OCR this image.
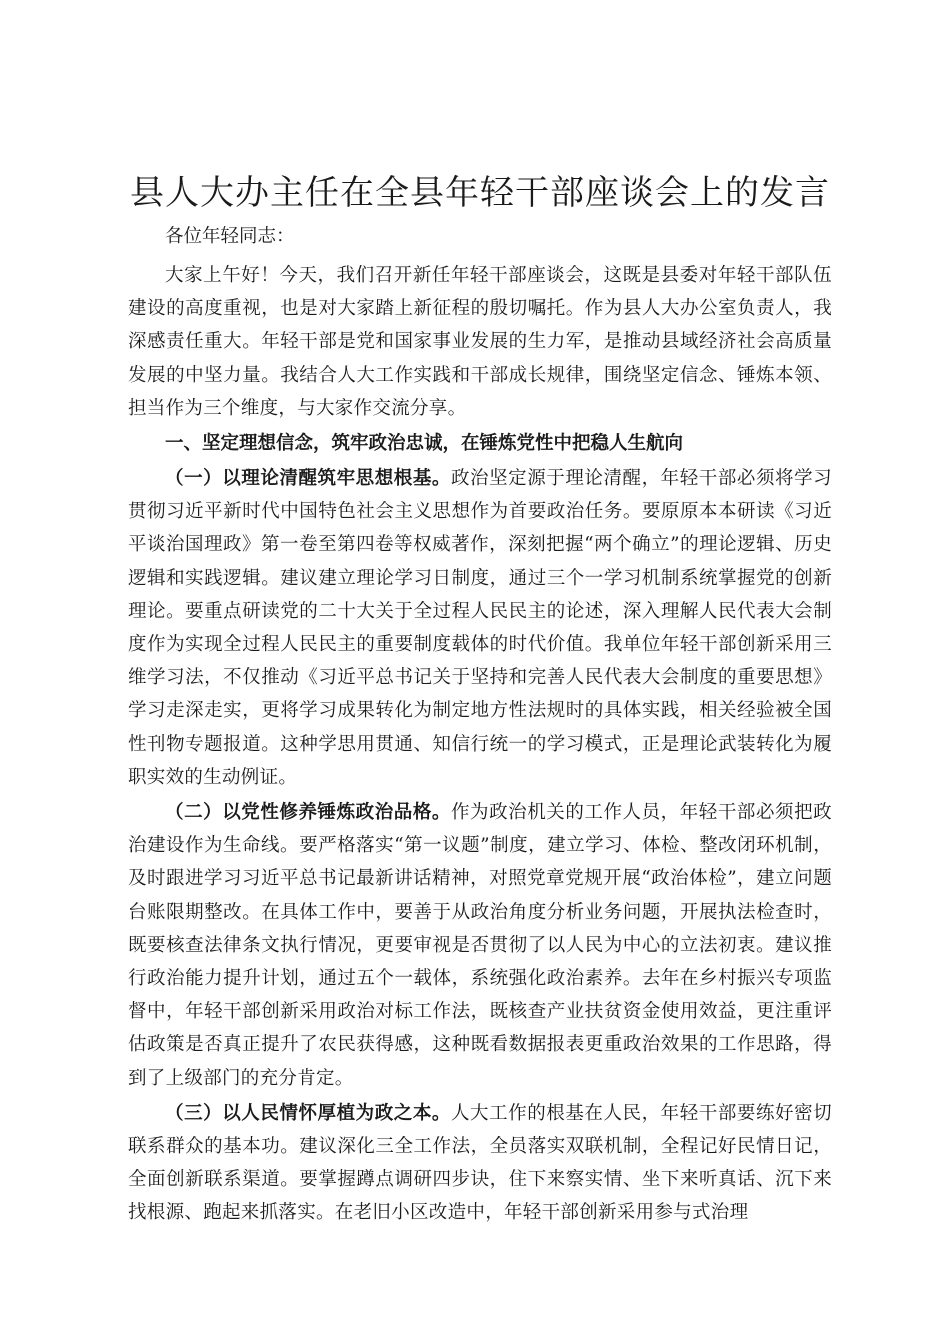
县人大办主任在全县年轻干部座谈会上的发言

各位年轻同志：

大家上午好！今天，我们召开新任年轻干部座谈会，这既是县委对年轻干部队伍建设的高度重视，也是对大家踏上新征程的殷切嘱托。作为县人大办公室负责人，我深感责任重大。年轻干部是党和国家事业发展的生力军，是推动县域经济社会高质量发展的中坚力量。我结合人大工作实践和干部成长规律，围绕坚定信念、锤炼本领、担当作为三个维度，与大家作交流分享。

一、坚定理想信念，筑牢政治忠诚，在锤炼党性中把稳人生航向

（一）以理论清醒筑牢思想根基。政治坚定源于理论清醒，年轻干部必须将学习贯彻习近平新时代中国特色社会主义思想作为首要政治任务。要原原本本研读《习近平谈治国理政》第一卷至第四卷等权威著作，深刻把握“两个确立”的理论逻辑、历史逻辑和实践逻辑。建议建立理论学习日制度，通过三个一学习机制系统掌握党的创新理论。要重点研读党的二十大关于全过程人民民主的论述，深入理解人民代表大会制度作为实现全过程人民民主的重要制度载体的时代价值。我单位年轻干部创新采用三维学习法，不仅推动《习近平总书记关于坚持和完善人民代表大会制度的重要思想》学习走深走实，更将学习成果转化为制定地方性法规时的具体实践，相关经验被全国性刊物专题报道。这种学思用贯通、知信行统一的学习模式，正是理论武装转化为履职实效的生动例证。

（二）以党性修养锤炼政治品格。作为政治机关的工作人员，年轻干部必须把政治建设作为生命线。要严格落实“第一议题”制度，建立学习、体检、整改闭环机制，及时跟进学习习近平总书记最新讲话精神，对照党章党规开展“政治体检”，建立问题台账限期整改。在具体工作中，要善于从政治角度分析业务问题，开展执法检查时，既要核查法律条文执行情况，更要审视是否贯彻了以人民为中心的立法初衷。建议推行政治能力提升计划，通过五个一载体，系统强化政治素养。去年在乡村振兴专项监督中，年轻干部创新采用政治对标工作法，既核查产业扶贫资金使用效益，更注重评估政策是否真正提升了农民获得感，这种既看数据报表更重政治效果的工作思路，得到了上级部门的充分肯定。

（三）以人民情怀厚植为政之本。人大工作的根基在人民，年轻干部要练好密切联系群众的基本功。建议深化三全工作法，全员落实双联机制，全程记好民情日记，全面创新联系渠道。要掌握蹲点调研四步诀，住下来察实情、坐下来听真话、沉下来找根源、跑起来抓落实。在老旧小区改造中，年轻干部创新采用参与式治理
